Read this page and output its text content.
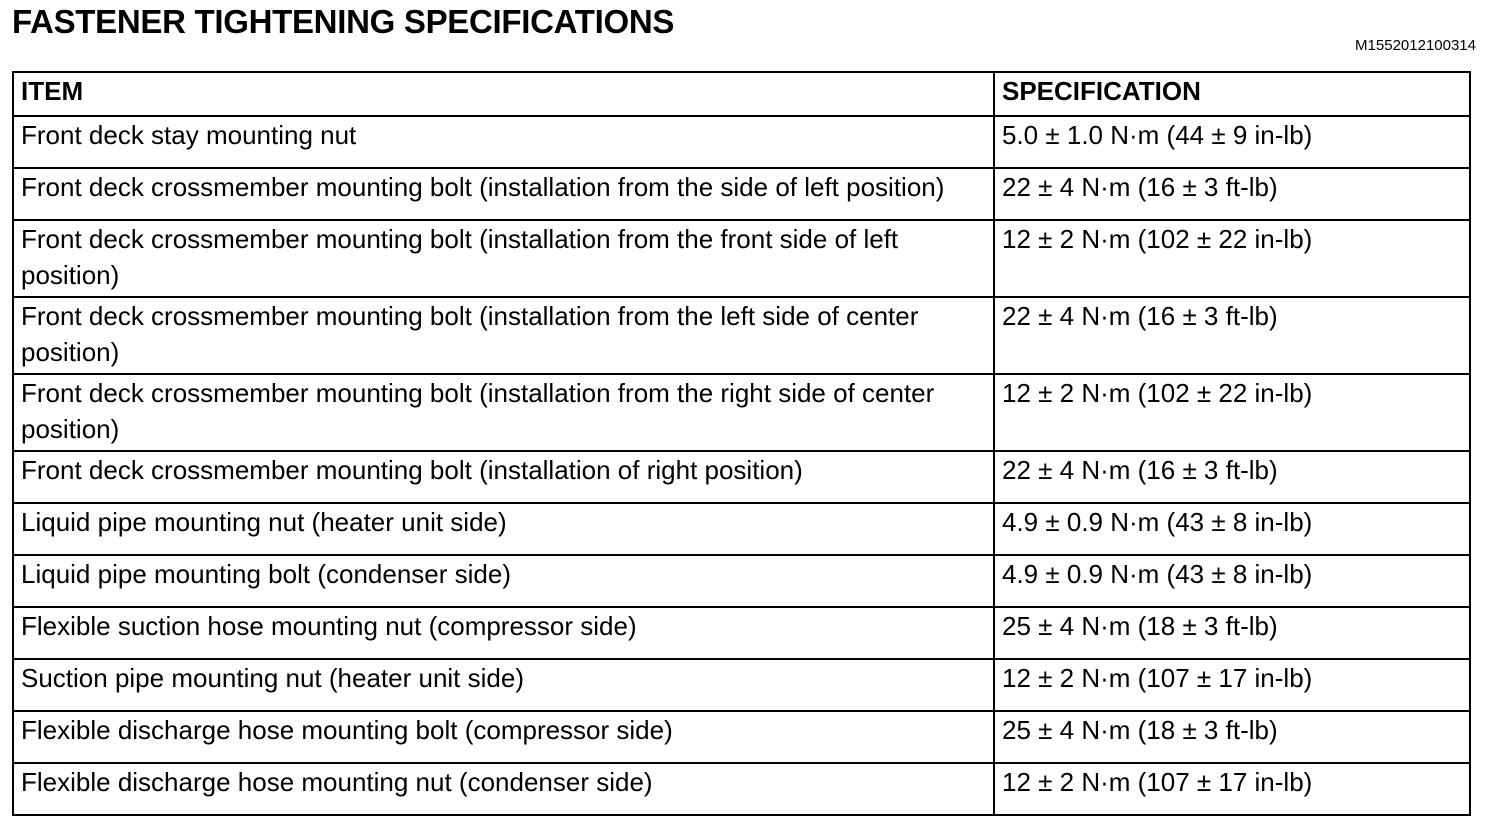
FASTENER TIGHTENING SPECIFICATIONS
M1552012100314
ITEM	SPECIFICATION
Front deck stay mounting nut	5.0 ± 1.0 N·m (44 ± 9 in-lb)
Front deck crossmember mounting bolt (installation from the side of left position)	22 ± 4 N·m (16 ± 3 ft-lb)
Front deck crossmember mounting bolt (installation from the front side of left position)	12 ± 2 N·m (102 ± 22 in-lb)
Front deck crossmember mounting bolt (installation from the left side of center position)	22 ± 4 N·m (16 ± 3 ft-lb)
Front deck crossmember mounting bolt (installation from the right side of center position)	12 ± 2 N·m (102 ± 22 in-lb)
Front deck crossmember mounting bolt (installation of right position)	22 ± 4 N·m (16 ± 3 ft-lb)
Liquid pipe mounting nut (heater unit side)	4.9 ± 0.9 N·m (43 ± 8 in-lb)
Liquid pipe mounting bolt (condenser side)	4.9 ± 0.9 N·m (43 ± 8 in-lb)
Flexible suction hose mounting nut (compressor side)	25 ± 4 N·m (18 ± 3 ft-lb)
Suction pipe mounting nut (heater unit side)	12 ± 2 N·m (107 ± 17 in-lb)
Flexible discharge hose mounting bolt (compressor side)	25 ± 4 N·m (18 ± 3 ft-lb)
Flexible discharge hose mounting nut (condenser side)	12 ± 2 N·m (107 ± 17 in-lb)
